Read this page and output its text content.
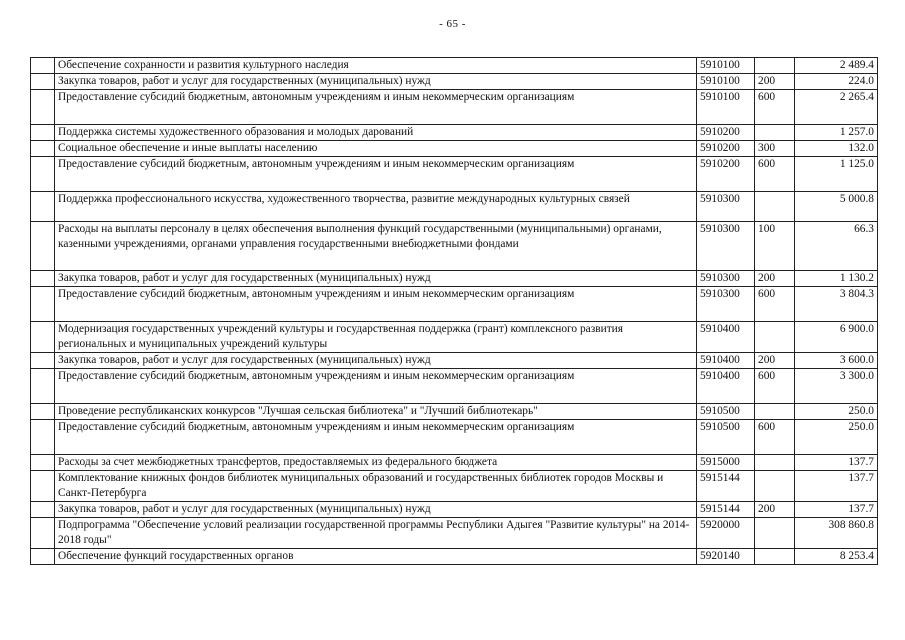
- 65 -
	Обеспечение сохранности и развития культурного наследия	5910100		2 489.4
	Закупка товаров, работ и услуг для государственных (муниципальных) нужд	5910100	200	224.0
	Предоставление субсидий бюджетным, автономным учреждениям и иным некоммерческим организациям	5910100	600	2 265.4
	Поддержка системы художественного образования и молодых дарований	5910200		1 257.0
	Социальное обеспечение и иные выплаты населению	5910200	300	132.0
	Предоставление субсидий бюджетным, автономным учреждениям и иным некоммерческим организациям	5910200	600	1 125.0
	Поддержка профессионального искусства, художественного творчества, развитие международных культурных связей	5910300		5 000.8
	Расходы на выплаты персоналу в целях обеспечения выполнения функций государственными (муниципальными) органами, казенными учреждениями, органами управления государственными внебюджетными фондами	5910300	100	66.3
	Закупка товаров, работ и услуг для государственных (муниципальных) нужд	5910300	200	1 130.2
	Предоставление субсидий бюджетным, автономным учреждениям и иным некоммерческим организациям	5910300	600	3 804.3
	Модернизация государственных учреждений культуры и государственная поддержка (грант) комплексного развития региональных и муниципальных учреждений культуры	5910400		6 900.0
	Закупка товаров, работ и услуг для государственных (муниципальных) нужд	5910400	200	3 600.0
	Предоставление субсидий бюджетным, автономным учреждениям и иным некоммерческим организациям	5910400	600	3 300.0
	Проведение республиканских конкурсов "Лучшая сельская библиотека" и "Лучший библиотекарь"	5910500		250.0
	Предоставление субсидий бюджетным, автономным учреждениям и иным некоммерческим организациям	5910500	600	250.0
	Расходы за счет межбюджетных трансфертов, предоставляемых из федерального бюджета	5915000		137.7
	Комплектование книжных фондов библиотек муниципальных образований и государственных библиотек городов Москвы и Санкт-Петербурга	5915144		137.7
	Закупка товаров, работ и услуг для государственных (муниципальных) нужд	5915144	200	137.7
	Подпрограмма "Обеспечение условий реализации государственной программы Республики Адыгея "Развитие культуры" на 2014-2018 годы"	5920000		308 860.8
	Обеспечение функций государственных органов	5920140		8 253.4
